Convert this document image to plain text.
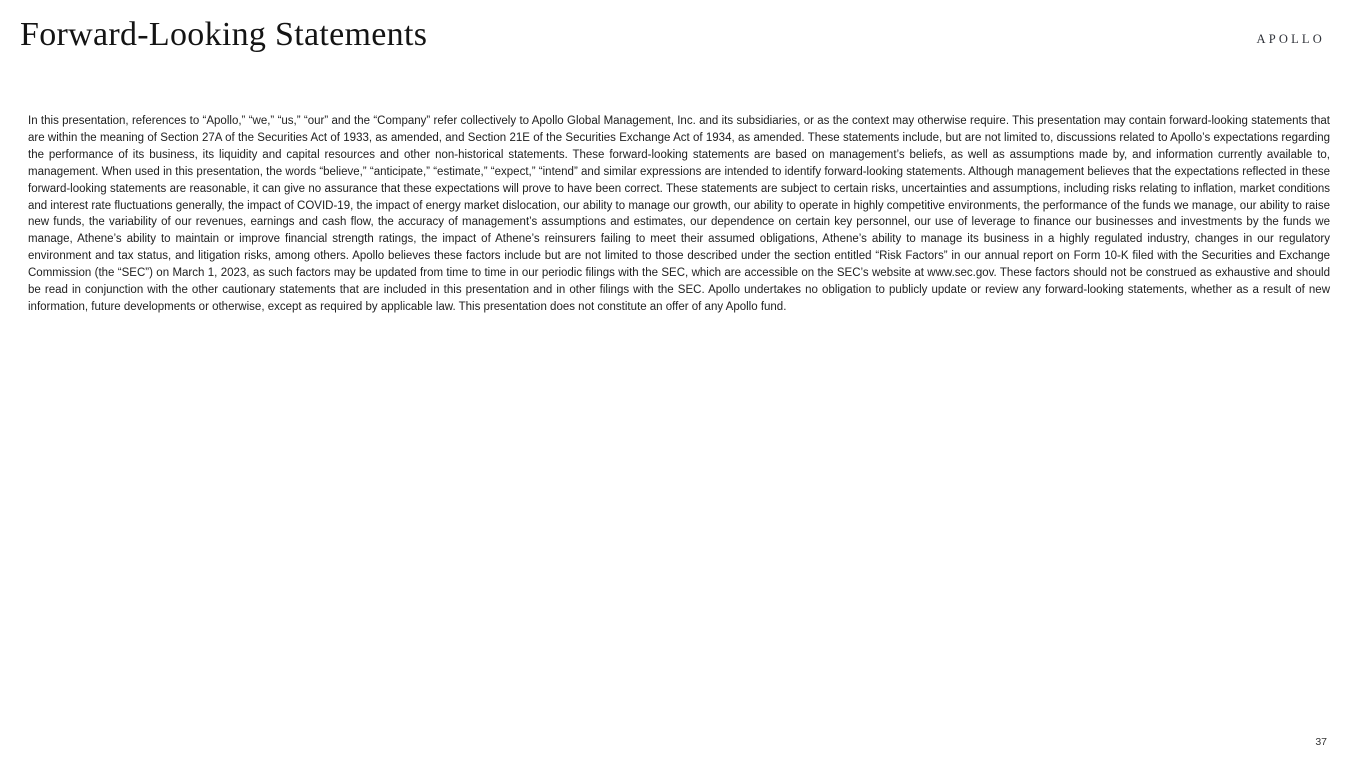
Forward-Looking Statements	APOLLO

In this presentation, references to “Apollo,” “we,” “us,” “our” and the “Company” refer collectively to Apollo Global Management, Inc. and its subsidiaries, or as the context may otherwise require. This presentation may contain forward-looking statements that are within the meaning of Section 27A of the Securities Act of 1933, as amended, and Section 21E of the Securities Exchange Act of 1934, as amended. These statements include, but are not limited to, discussions related to Apollo’s expectations regarding the performance of its business, its liquidity and capital resources and other non-historical statements. These forward-looking statements are based on management’s beliefs, as well as assumptions made by, and information currently available to, management. When used in this presentation, the words “believe,” “anticipate,” “estimate,” “expect,” “intend” and similar expressions are intended to identify forward-looking statements. Although management believes that the expectations reflected in these forward-looking statements are reasonable, it can give no assurance that these expectations will prove to have been correct. These statements are subject to certain risks, uncertainties and assumptions, including risks relating to inflation, market conditions and interest rate fluctuations generally, the impact of COVID-19, the impact of energy market dislocation, our ability to manage our growth, our ability to operate in highly competitive environments, the performance of the funds we manage, our ability to raise new funds, the variability of our revenues, earnings and cash flow, the accuracy of management’s assumptions and estimates, our dependence on certain key personnel, our use of leverage to finance our businesses and investments by the funds we manage, Athene’s ability to maintain or improve financial strength ratings, the impact of Athene’s reinsurers failing to meet their assumed obligations, Athene’s ability to manage its business in a highly regulated industry, changes in our regulatory environment and tax status, and litigation risks, among others. Apollo believes these factors include but are not limited to those described under the section entitled “Risk Factors” in our annual report on Form 10-K filed with the Securities and Exchange Commission (the “SEC”) on March 1, 2023, as such factors may be updated from time to time in our periodic filings with the SEC, which are accessible on the SEC’s website at www.sec.gov. These factors should not be construed as exhaustive and should be read in conjunction with the other cautionary statements that are included in this presentation and in other filings with the SEC. Apollo undertakes no obligation to publicly update or review any forward-looking statements, whether as a result of new information, future developments or otherwise, except as required by applicable law. This presentation does not constitute an offer of any Apollo fund.

37
